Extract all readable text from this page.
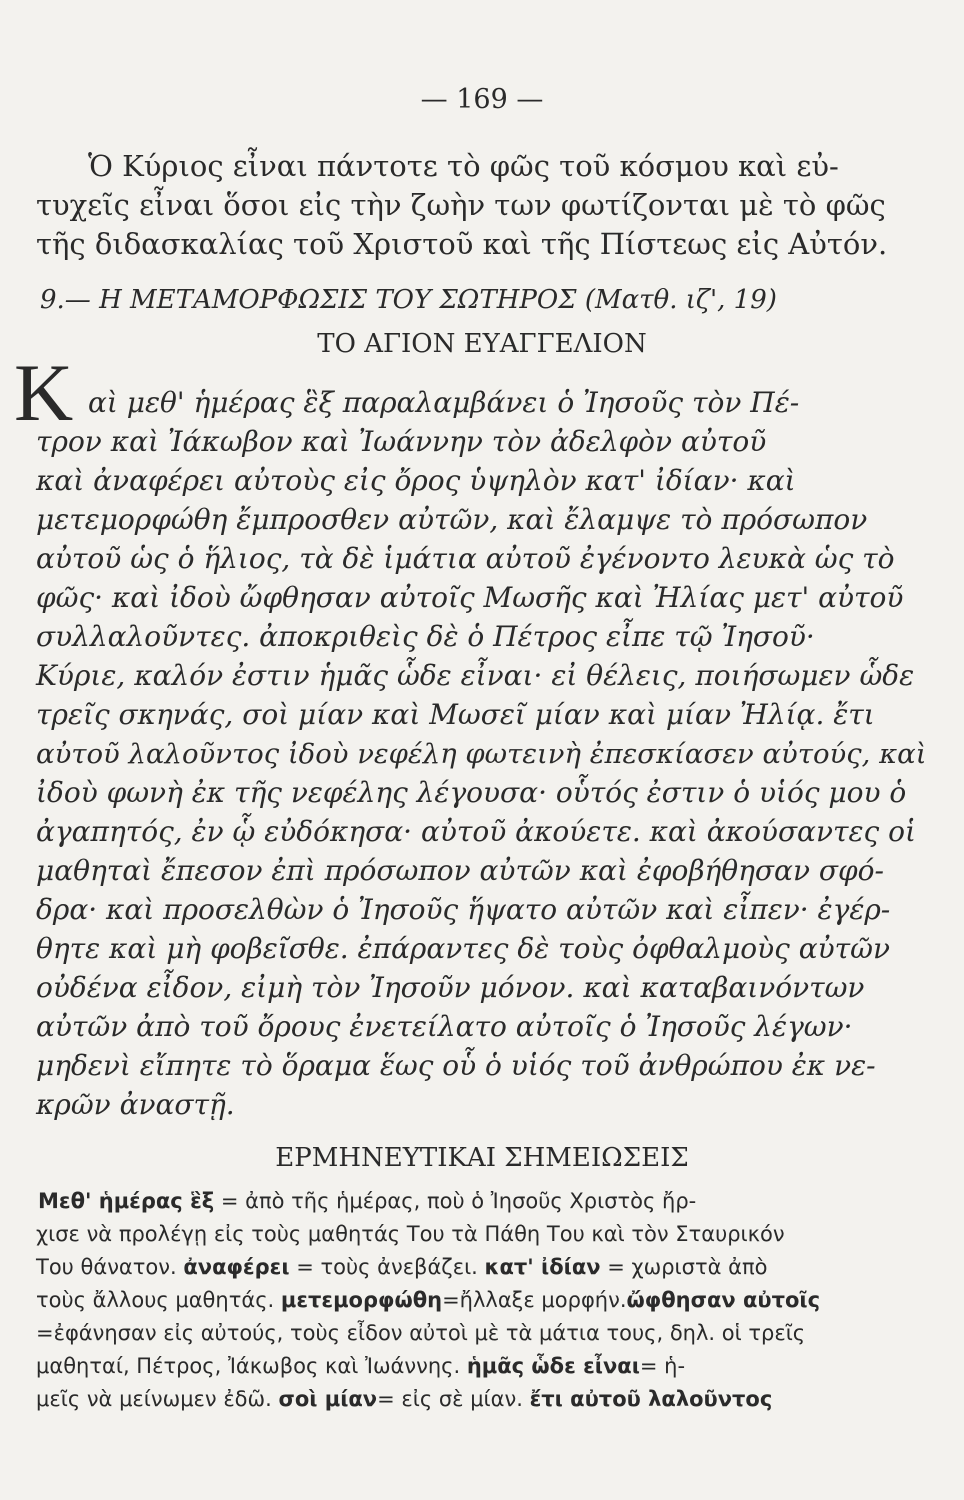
— 169 —
Ὁ Κύριος εἶναι πάντοτε τὸ φῶς τοῦ κόσμου καὶ εὐ-
τυχεῖς εἶναι ὅσοι εἰς τὴν ζωὴν των φωτίζονται μὲ τὸ φῶς
τῆς διδασκαλίας τοῦ Χριστοῦ καὶ τῆς Πίστεως εἰς Αὐτόν.
9.— Η ΜΕΤΑΜΟΡΦΩΣΙΣ ΤΟΥ ΣΩΤΗΡΟΣ (Ματθ. ιζ', 19)
ΤΟ ΑΓΙΟΝ ΕΥΑΓΓΕΛΙΟΝ
Κ αὶ μεθ' ἡμέρας ἓξ παραλαμβάνει ὁ Ἰησοῦς τὸν Πέ-
τρον καὶ Ἰάκωβον καὶ Ἰωάννην τὸν ἀδελφὸν αὐτοῦ
καὶ ἀναφέρει αὐτοὺς εἰς ὄρος ὑψηλὸν κατ' ἰδίαν· καὶ
μετεμορφώθη ἔμπροσθεν αὐτῶν, καὶ ἔλαμψε τὸ πρόσωπον
αὐτοῦ ὡς ὁ ἥλιος, τὰ δὲ ἱμάτια αὐτοῦ ἐγένοντο λευκὰ ὡς τὸ
φῶς· καὶ ἰδοὺ ὤφθησαν αὐτοῖς Μωσῆς καὶ Ἠλίας μετ' αὐτοῦ
συλλαλοῦντες. ἀποκριθεὶς δὲ ὁ Πέτρος εἶπε τῷ Ἰησοῦ·
Κύριε, καλόν ἐστιν ἡμᾶς ὧδε εἶναι· εἰ θέλεις, ποιήσωμεν ὧδε
τρεῖς σκηνάς, σοὶ μίαν καὶ Μωσεῖ μίαν καὶ μίαν Ἠλίᾳ. ἔτι
αὐτοῦ λαλοῦντος ἰδοὺ νεφέλη φωτεινὴ ἐπεσκίασεν αὐτούς, καὶ
ἰδοὺ φωνὴ ἐκ τῆς νεφέλης λέγουσα· οὗτός ἐστιν ὁ υἱός μου ὁ
ἀγαπητός, ἐν ᾧ εὐδόκησα· αὐτοῦ ἀκούετε. καὶ ἀκούσαντες οἱ
μαθηταὶ ἔπεσον ἐπὶ πρόσωπον αὐτῶν καὶ ἐφοβήθησαν σφό-
δρα· καὶ προσελθὼν ὁ Ἰησοῦς ἥψατο αὐτῶν καὶ εἶπεν· ἐγέρ-
θητε καὶ μὴ φοβεῖσθε. ἐπάραντες δὲ τοὺς ὀφθαλμοὺς αὐτῶν
οὐδένα εἶδον, εἰμὴ τὸν Ἰησοῦν μόνον. καὶ καταβαινόντων
αὐτῶν ἀπὸ τοῦ ὄρους ἐνετείλατο αὐτοῖς ὁ Ἰησοῦς λέγων·
μηδενὶ εἴπητε τὸ ὅραμα ἕως οὗ ὁ υἱός τοῦ ἀνθρώπου ἐκ νε-
κρῶν ἀναστῇ.
ΕΡΜΗΝΕΥΤΙΚΑΙ ΣΗΜΕΙΩΣΕΙΣ
Μεθ' ἡμέρας ἓξ = ἀπὸ τῆς ἡμέρας, ποὺ ὁ Ἰησοῦς Χριστὸς ἤρ-
χισε νὰ προλέγῃ εἰς τοὺς μαθητάς Του τὰ Πάθη Του καὶ τὸν Σταυρικόν
Του θάνατον. ἀναφέρει = τοὺς ἀνεβάζει. κατ' ἰδίαν = χωριστὰ ἀπὸ
τοὺς ἄλλους μαθητάς. μετεμορφώθη=ἤλλαξε μορφήν.ὤφθησαν αὐτοῖς
=ἐφάνησαν εἰς αὐτούς, τοὺς εἶδον αὐτοὶ μὲ τὰ μάτια τους, δηλ. οἱ τρεῖς
μαθηταί, Πέτρος, Ἰάκωβος καὶ Ἰωάννης. ἡμᾶς ὧδε εἶναι= ἡ-
μεῖς νὰ μείνωμεν ἐδῶ. σοὶ μίαν= εἰς σὲ μίαν. ἔτι αὐτοῦ λαλοῦντος
